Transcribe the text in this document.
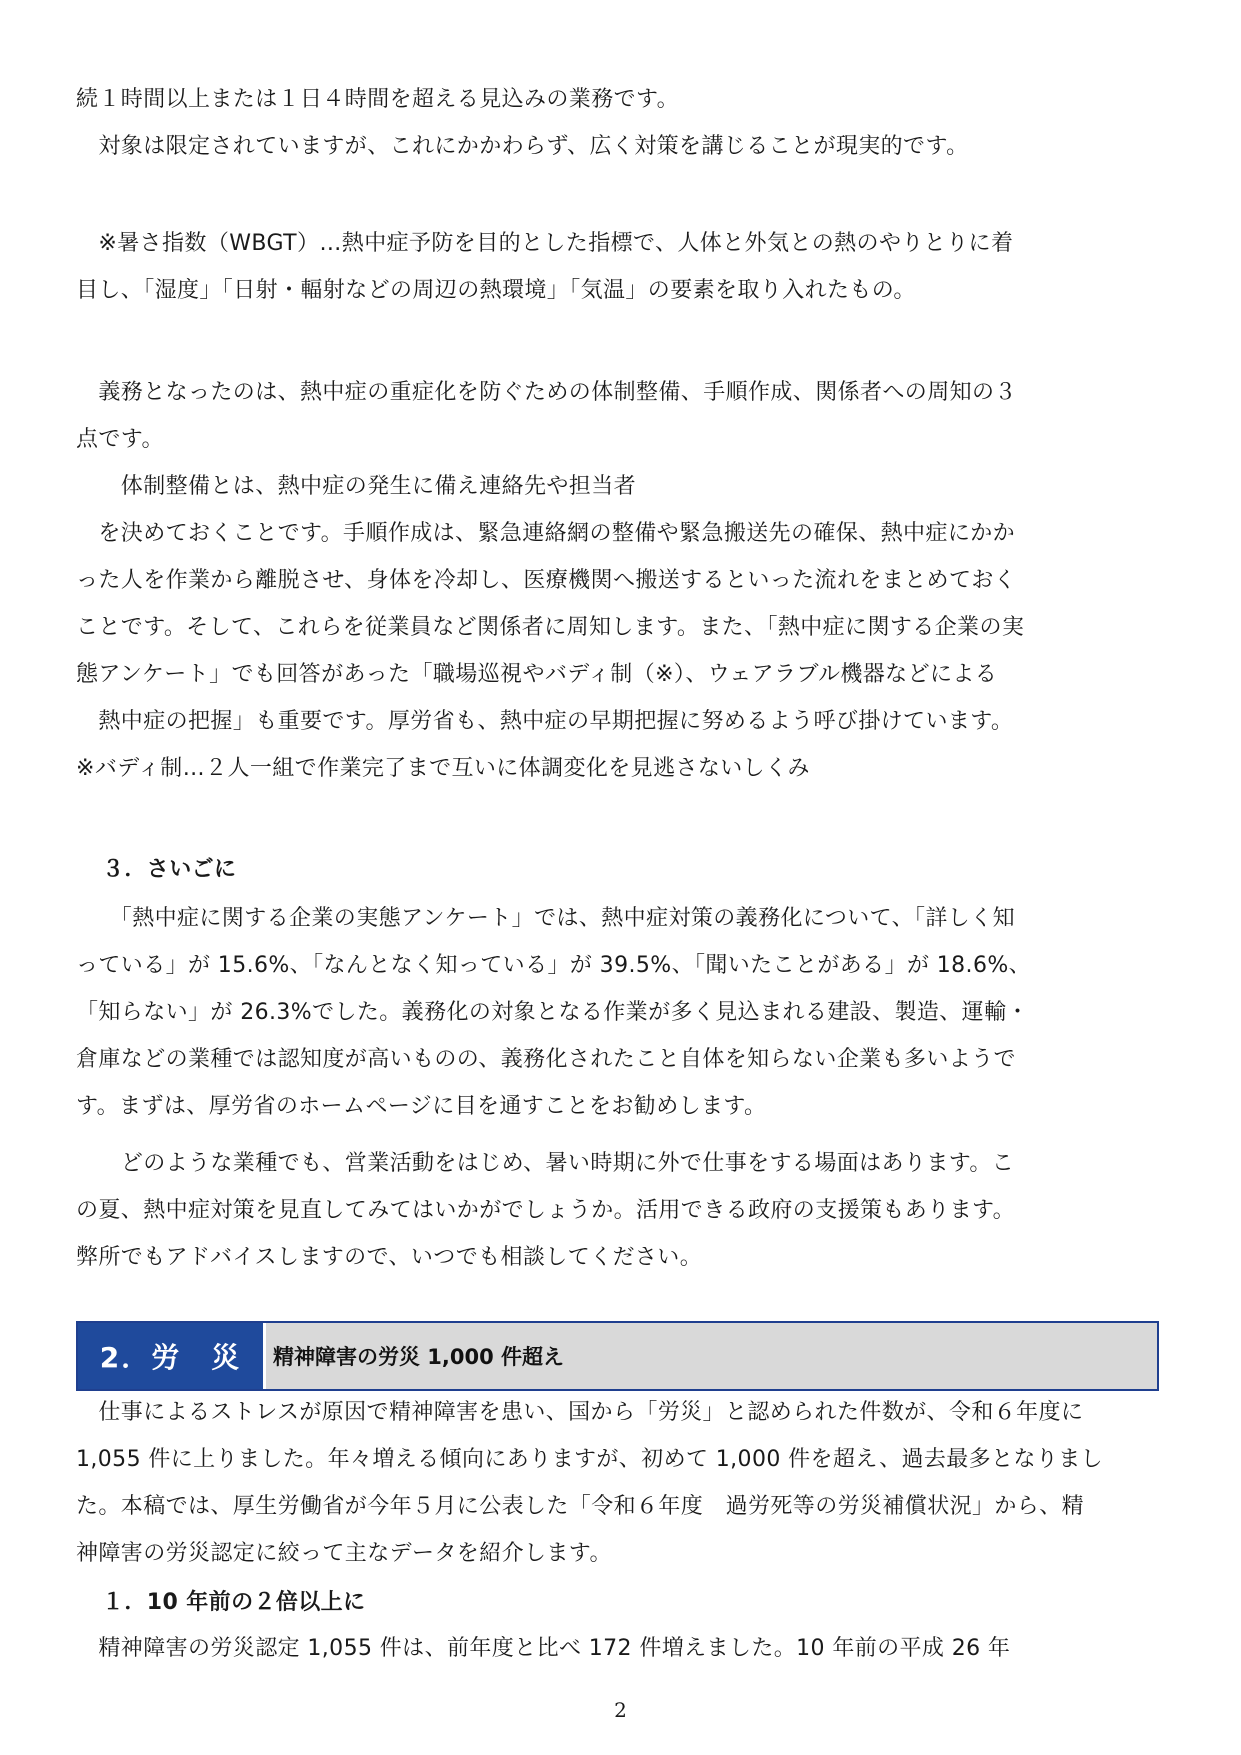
続１時間以上または１日４時間を超える見込みの業務です。
　対象は限定されていますが、これにかかわらず、広く対策を講じることが現実的です。
　※暑さ指数（WBGT）…熱中症予防を目的とした指標で、人体と外気との熱のやりとりに着
目し、「湿度」「日射・輻射などの周辺の熱環境」「気温」の要素を取り入れたもの。
　義務となったのは、熱中症の重症化を防ぐための体制整備、手順作成、関係者への周知の３
点です。
　　体制整備とは、熱中症の発生に備え連絡先や担当者
　を決めておくことです。手順作成は、緊急連絡網の整備や緊急搬送先の確保、熱中症にかか
った人を作業から離脱させ、身体を冷却し、医療機関へ搬送するといった流れをまとめておく
ことです。そして、これらを従業員など関係者に周知します。また、「熱中症に関する企業の実
態アンケート」でも回答があった「職場巡視やバディ制（※）、ウェアラブル機器などによる
　熱中症の把握」も重要です。厚労省も、熱中症の早期把握に努めるよう呼び掛けています。
※バディ制…２人一組で作業完了まで互いに体調変化を見逃さないしくみ
３．さいごに
　　「熱中症に関する企業の実態アンケート」では、熱中症対策の義務化について、「詳しく知
っている」が 15.6%、「なんとなく知っている」が 39.5%、「聞いたことがある」が 18.6%、
「知らない」が 26.3%でした。義務化の対象となる作業が多く見込まれる建設、製造、運輸・
倉庫などの業種では認知度が高いものの、義務化されたこと自体を知らない企業も多いようで
す。まずは、厚労省のホームページに目を通すことをお勧めします。
　　どのような業種でも、営業活動をはじめ、暑い時期に外で仕事をする場面はあります。こ
の夏、熱中症対策を見直してみてはいかがでしょうか。活用できる政府の支援策もあります。
弊所でもアドバイスしますので、いつでも相談してください。
2．労　災	精神障害の労災 1,000 件超え
　仕事によるストレスが原因で精神障害を患い、国から「労災」と認められた件数が、令和６年度に
1,055 件に上りました。年々増える傾向にありますが、初めて 1,000 件を超え、過去最多となりまし
た。本稿では、厚生労働省が今年５月に公表した「令和６年度　過労死等の労災補償状況」から、精
神障害の労災認定に絞って主なデータを紹介します。
１．10 年前の２倍以上に
　精神障害の労災認定 1,055 件は、前年度と比べ 172 件増えました。10 年前の平成 26 年
2
